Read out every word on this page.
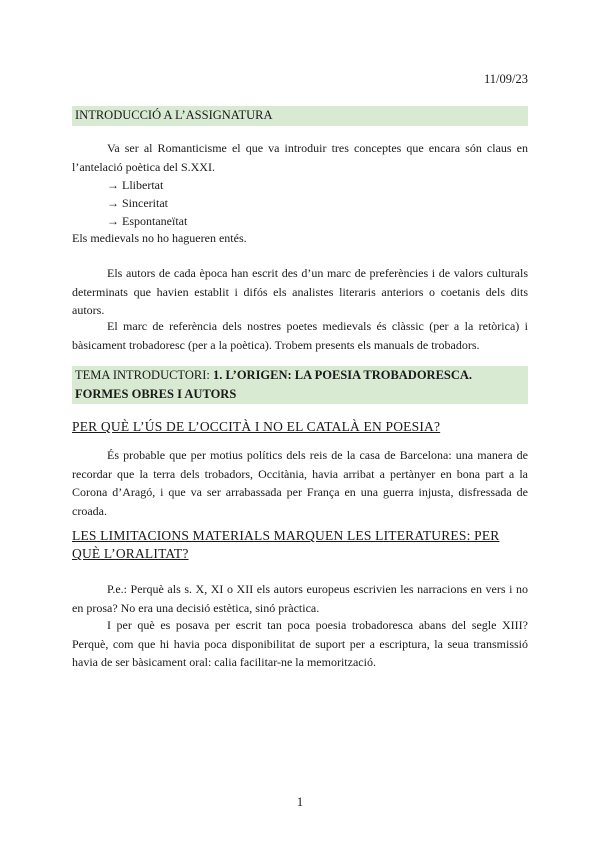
11/09/23
INTRODUCCIÓ A L’ASSIGNATURA
Va ser al Romanticisme el que va introduir tres conceptes que encara són claus en l’antelació poètica del S.XXI.
→ Llibertat
→ Sinceritat
→ Espontaneïtat
Els medievals no ho hagueren entés.
Els autors de cada època han escrit des d’un marc de preferències i de valors culturals determinats que havien establit i difós els analistes literaris anteriors o coetanis dels dits autors.
El marc de referència dels nostres poetes medievals és clàssic (per a la retòrica) i bàsicament trobadoresc (per a la poètica). Trobem presents els manuals de trobadors.
TEMA INTRODUCTORI: 1. L’ORIGEN: LA POESIA TROBADORESCA.
FORMES OBRES I AUTORS
PER QUÈ L’ÚS DE L’OCCITÀ I NO EL CATALÀ EN POESIA?
És probable que per motius polítics dels reis de la casa de Barcelona: una manera de recordar que la terra dels trobadors, Occitània, havia arribat a pertànyer en bona part a la Corona d’Aragó, i que va ser arrabassada per França en una guerra injusta, disfressada de croada.
LES LIMITACIONS MATERIALS MARQUEN LES LITERATURES: PER QUÈ L’ORALITAT?
P.e.: Perquè als s. X, XI o XII els autors europeus escrivien les narracions en vers i no en prosa? No era una decisió estètica, sinó pràctica.
I per què es posava per escrit tan poca poesia trobadoresca abans del segle XIII? Perquè, com que hi havia poca disponibilitat de suport per a escriptura, la seua transmissió havia de ser bàsicament oral: calia facilitar-ne la memorització.
1
